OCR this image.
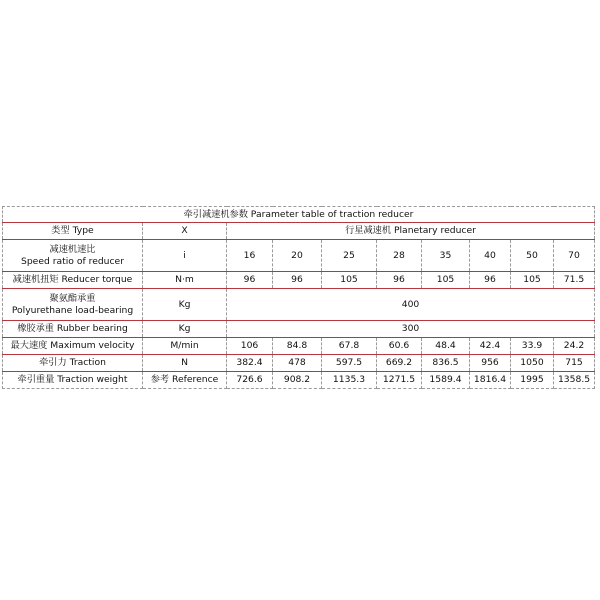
牵引减速机参数 Parameter table of traction reducer									
类型 Type	X	行星减速机 Planetary reducer							

减速机速比
Speed ratio of reducer	i	16	20	25	28	35	40	50	70
减速机扭矩 Reducer torque	N·m	96	96	105	96	105	96	105	71.5

聚氨酯承重
Polyurethane load-bearing	Kg	400							
橡胶承重 Rubber bearing	Kg	300							
最大速度 Maximum velocity	M/min	106	84.8	67.8	60.6	48.4	42.4	33.9	24.2
牵引力 Traction	N	382.4	478	597.5	669.2	836.5	956	1050	715
牵引重量 Traction weight	参考 Reference	726.6	908.2	1135.3	1271.5	1589.4	1816.4	1995	1358.5
